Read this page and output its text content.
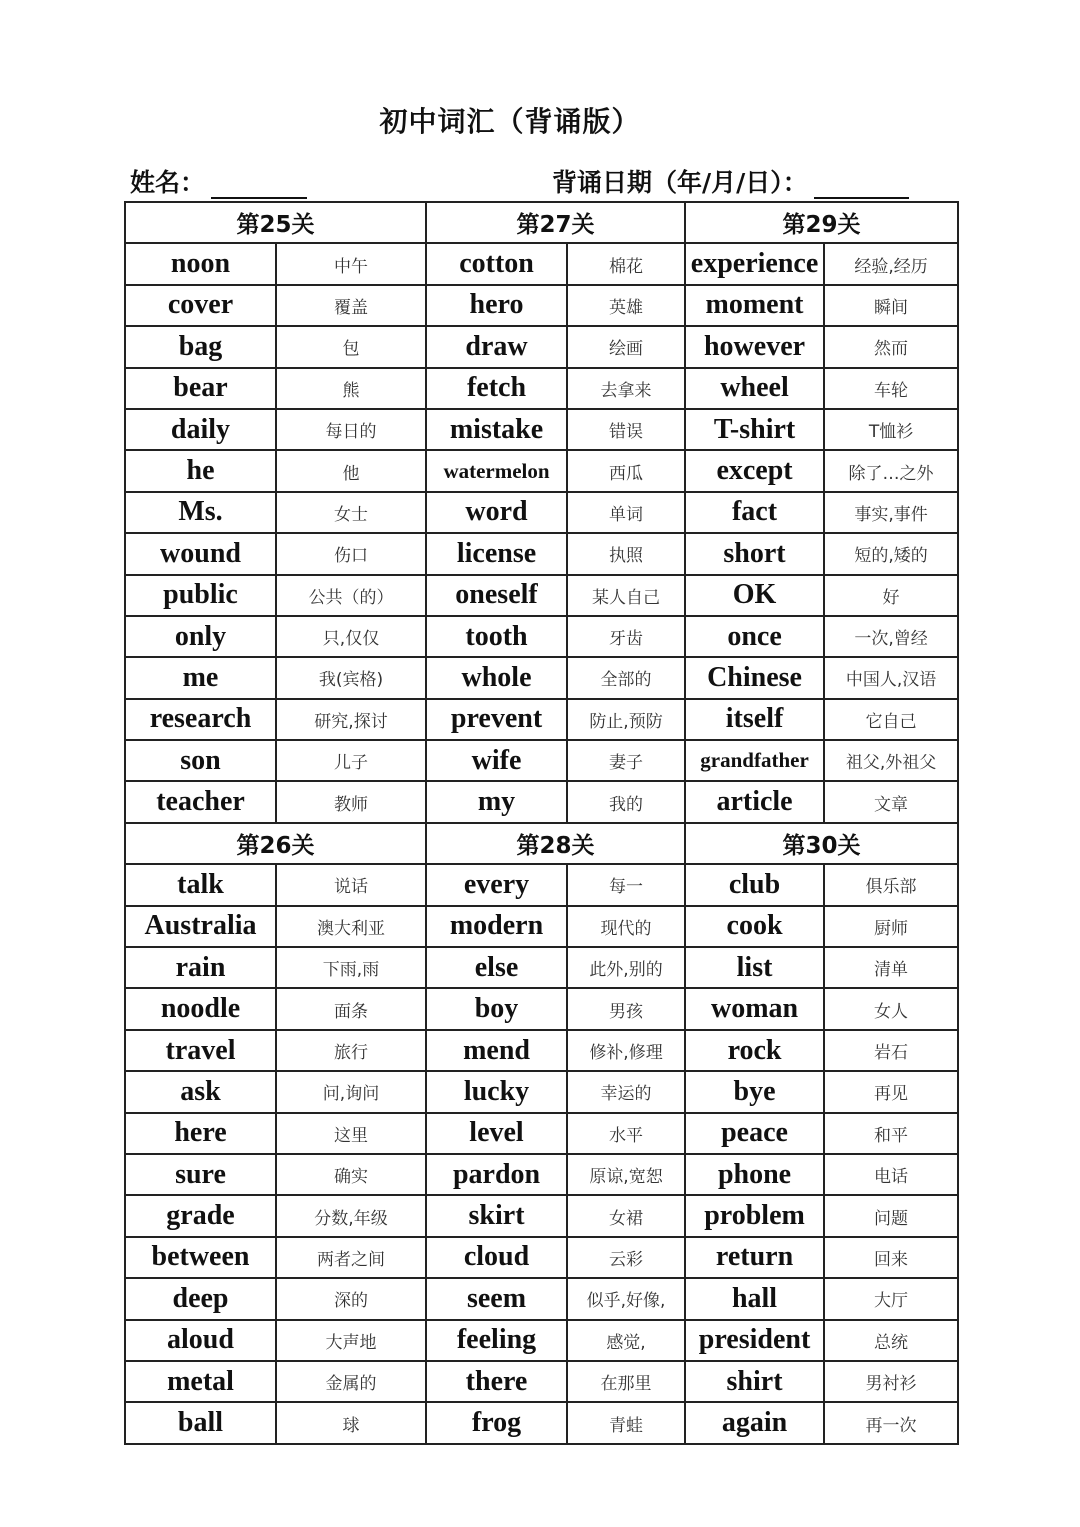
初中词汇（背诵版）
姓名：	背诵日期（年/月/日）：
第25关		第27关		第29关	
noon	中午	cotton	棉花	experience	经验,经历
cover	覆盖	hero	英雄	moment	瞬间
bag	包	draw	绘画	however	然而
bear	熊	fetch	去拿来	wheel	车轮
daily	每日的	mistake	错误	T-shirt	T恤衫
he	他	watermelon	西瓜	except	除了…之外
Ms.	女士	word	单词	fact	事实,事件
wound	伤口	license	执照	short	短的,矮的
public	公共（的）	oneself	某人自己	OK	好
only	只,仅仅	tooth	牙齿	once	一次,曾经
me	我(宾格)	whole	全部的	Chinese	中国人,汉语
research	研究,探讨	prevent	防止,预防	itself	它自己
son	儿子	wife	妻子	grandfather	祖父,外祖父
teacher	教师	my	我的	article	文章
第26关		第28关		第30关	
talk	说话	every	每一	club	俱乐部
Australia	澳大利亚	modern	现代的	cook	厨师
rain	下雨,雨	else	此外,别的	list	清单
noodle	面条	boy	男孩	woman	女人
travel	旅行	mend	修补,修理	rock	岩石
ask	问,询问	lucky	幸运的	bye	再见
here	这里	level	水平	peace	和平
sure	确实	pardon	原谅,宽恕	phone	电话
grade	分数,年级	skirt	女裙	problem	问题
between	两者之间	cloud	云彩	return	回来
deep	深的	seem	似乎,好像,	hall	大厅
aloud	大声地	feeling	感觉,	president	总统
metal	金属的	there	在那里	shirt	男衬衫
ball	球	frog	青蛙	again	再一次
